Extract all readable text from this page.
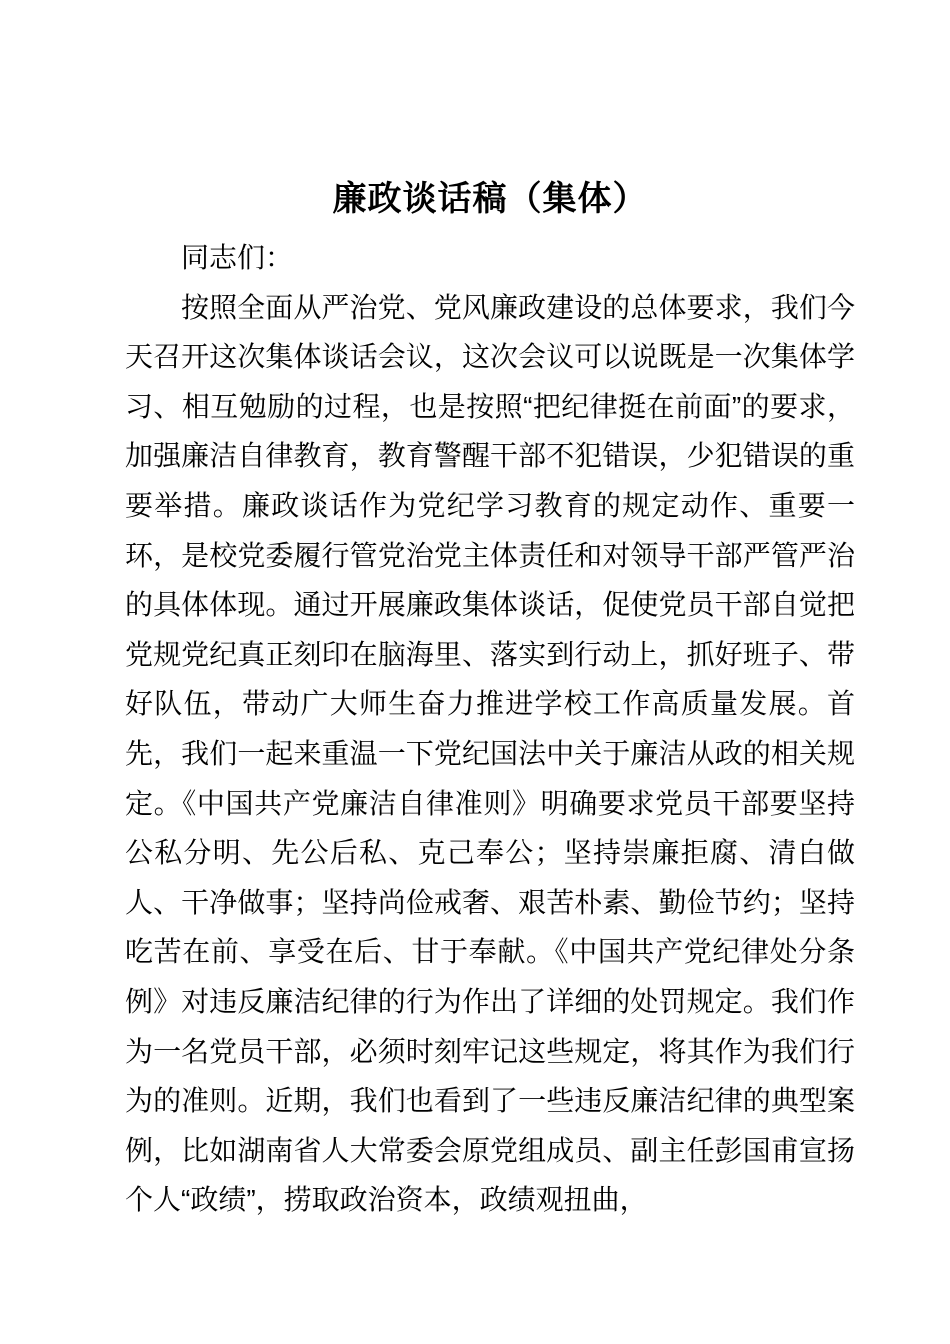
廉政谈话稿（集体）

同志们：

按照全面从严治党、党风廉政建设的总体要求，我们今天召开这次集体谈话会议，这次会议可以说既是一次集体学习、相互勉励的过程，也是按照“把纪律挺在前面”的要求，加强廉洁自律教育，教育警醒干部不犯错误，少犯错误的重要举措。廉政谈话作为党纪学习教育的规定动作、重要一环，是校党委履行管党治党主体责任和对领导干部严管严治的具体体现。通过开展廉政集体谈话，促使党员干部自觉把党规党纪真正刻印在脑海里、落实到行动上，抓好班子、带好队伍，带动广大师生奋力推进学校工作高质量发展。首先，我们一起来重温一下党纪国法中关于廉洁从政的相关规定。《中国共产党廉洁自律准则》明确要求党员干部要坚持公私分明、先公后私、克己奉公；坚持崇廉拒腐、清白做人、干净做事；坚持尚俭戒奢、艰苦朴素、勤俭节约；坚持吃苦在前、享受在后、甘于奉献。《中国共产党纪律处分条例》对违反廉洁纪律的行为作出了详细的处罚规定。我们作为一名党员干部，必须时刻牢记这些规定，将其作为我们行为的准则。近期，我们也看到了一些违反廉洁纪律的典型案例，比如湖南省人大常委会原党组成员、副主任彭国甫宣扬个人“政绩”，捞取政治资本，政绩观扭曲，
